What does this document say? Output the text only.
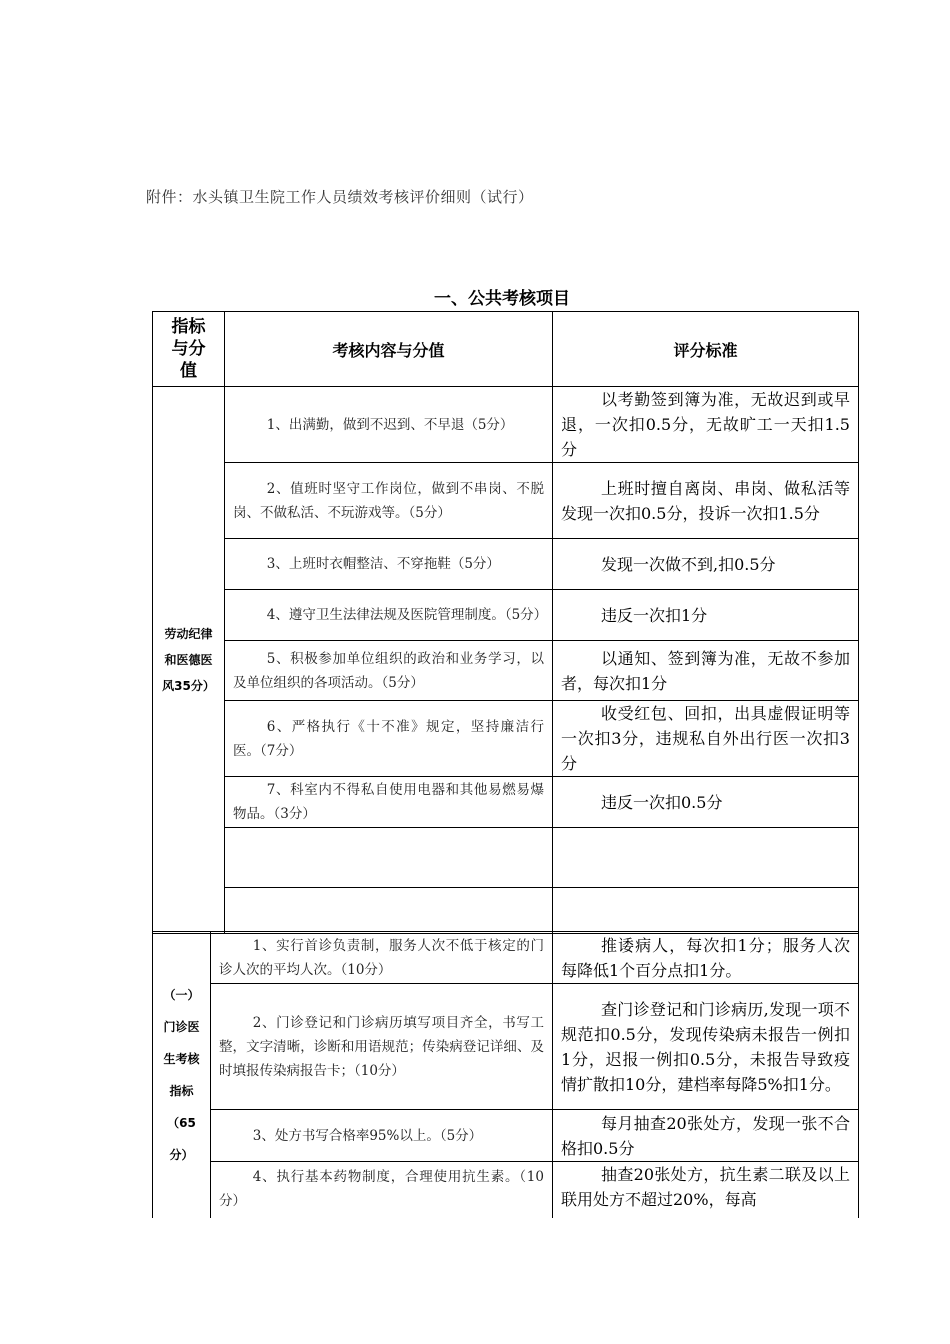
附件：水头镇卫生院工作人员绩效考核评价细则（试行）
一、公共考核项目
指标与分值	考核内容与分值	评分标准
劳动纪律和医德医风35分）	1、出满勤，做到不迟到、不早退（5分）	以考勤签到簿为准，无故迟到或早退，一次扣0.5分，无故旷工一天扣1.5分
	2、值班时坚守工作岗位，做到不串岗、不脱岗、不做私活、不玩游戏等。（5分）	上班时擅自离岗、串岗、做私活等发现一次扣0.5分，投诉一次扣1.5分
	3、上班时衣帽整洁、不穿拖鞋（5分）	发现一次做不到,扣0.5分
	4、遵守卫生法律法规及医院管理制度。（5分）	违反一次扣1分
	5、积极参加单位组织的政治和业务学习，以及单位组织的各项活动。（5分）	以通知、签到簿为准，无故不参加者，每次扣1分
	6、严格执行《十不准》规定，坚持廉洁行医。（7分）	收受红包、回扣，出具虚假证明等一次扣3分，违规私自外出行医一次扣3分
	7、科室内不得私自使用电器和其他易燃易爆物品。（3分）	违反一次扣0.5分

（一）门诊医生考核指标（65分）	1、实行首诊负责制，服务人次不低于核定的门诊人次的平均人次。（10分）	推诿病人，每次扣1分；服务人次每降低1个百分点扣1分。
	2、门诊登记和门诊病历填写项目齐全，书写工整，文字清晰，诊断和用语规范；传染病登记详细、及时填报传染病报告卡；（10分）	查门诊登记和门诊病历,发现一项不规范扣0.5分，发现传染病未报告一例扣1分，迟报一例扣0.5分，未报告导致疫情扩散扣10分，建档率每降5%扣1分。
	3、处方书写合格率95%以上。（5分）	每月抽查20张处方，发现一张不合格扣0.5分
	4、执行基本药物制度，合理使用抗生素。（10分）	抽查20张处方，抗生素二联及以上联用处方不超过20%，每高
